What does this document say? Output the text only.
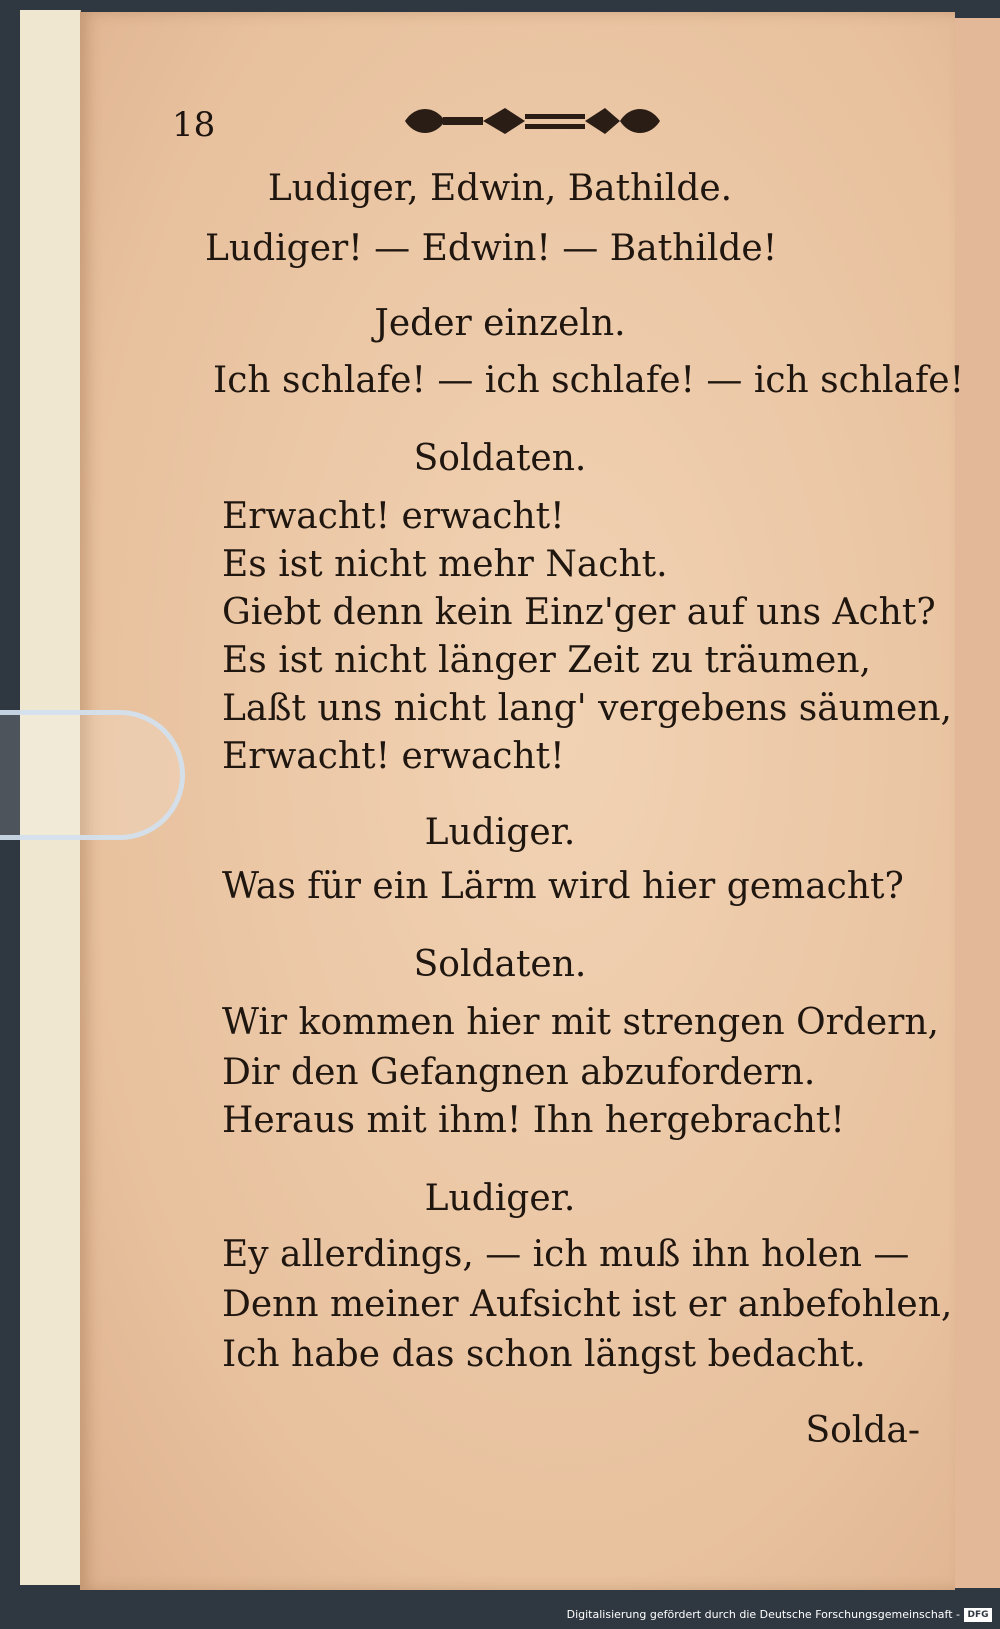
18
Ludiger, Edwin, Bathilde.
Ludiger! — Edwin! — Bathilde!
Jeder einzeln.
Ich schlafe! — ich schlafe! — ich schlafe!
Soldaten.
Erwacht! erwacht!
Es ist nicht mehr Nacht.
Giebt denn kein Einz'ger auf uns Acht?
Es ist nicht länger Zeit zu träumen,
Laßt uns nicht lang' vergebens säumen,
Erwacht! erwacht!
Ludiger.
Was für ein Lärm wird hier gemacht?
Soldaten.
Wir kommen hier mit strengen Ordern,
Dir den Gefangnen abzufordern.
Heraus mit ihm! Ihn hergebracht!
Ludiger.
Ey allerdings, — ich muß ihn holen —
Denn meiner Aufsicht ist er anbefohlen,
Ich habe das schon längst bedacht.
Solda-
Digitalisierung gefördert durch die Deutsche Forschungsgemeinschaft - DFG
